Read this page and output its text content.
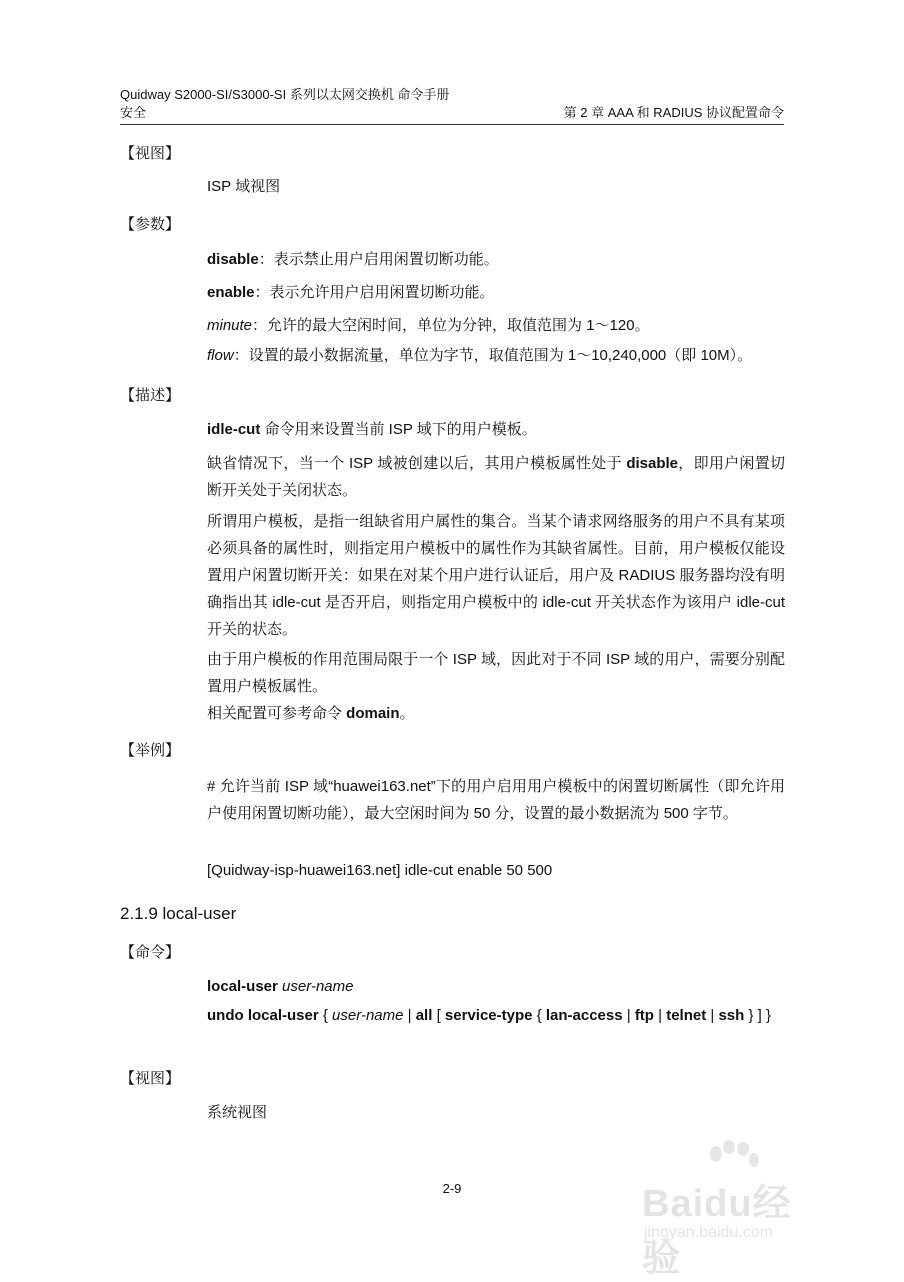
Quidway S2000-SI/S3000-SI 系列以太网交换机 命令手册
安全	第 2 章 AAA 和 RADIUS 协议配置命令
【视图】
ISP 域视图
【参数】
disable：表示禁止用户启用闲置切断功能。
enable：表示允许用户启用闲置切断功能。
minute：允许的最大空闲时间，单位为分钟，取值范围为 1～120。
flow：设置的最小数据流量，单位为字节，取值范围为 1～10,240,000（即 10M）。
【描述】
idle-cut 命令用来设置当前 ISP 域下的用户模板。
缺省情况下，当一个 ISP 域被创建以后，其用户模板属性处于 disable，即用户闲置切断开关处于关闭状态。
所谓用户模板，是指一组缺省用户属性的集合。当某个请求网络服务的用户不具有某项必须具备的属性时，则指定用户模板中的属性作为其缺省属性。目前，用户模板仅能设置用户闲置切断开关：如果在对某个用户进行认证后，用户及 RADIUS 服务器均没有明确指出其 idle-cut 是否开启，则指定用户模板中的 idle-cut 开关状态作为该用户 idle-cut 开关的状态。
由于用户模板的作用范围局限于一个 ISP 域，因此对于不同 ISP 域的用户，需要分别配置用户模板属性。
相关配置可参考命令 domain。
【举例】
# 允许当前 ISP 域“huawei163.net”下的用户启用用户模板中的闲置切断属性（即允许用户使用闲置切断功能），最大空闲时间为 50 分，设置的最小数据流为 500 字节。
[Quidway-isp-huawei163.net] idle-cut enable 50 500
2.1.9 local-user
【命令】
local-user user-name
undo local-user { user-name | all [ service-type { lan-access | ftp | telnet | ssh } ] }
【视图】
系统视图
2-9	Baidu经验
jingyan.baidu.com
